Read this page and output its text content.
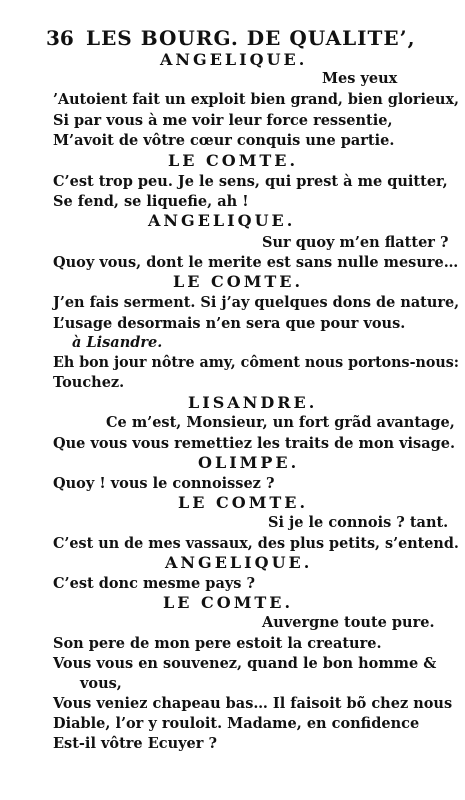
36 LES BOURG. DE QUALITE’,
ANGELIQUE.
Mes yeux
’Autoient fait un exploit bien grand, bien glorieux,
Si par vous à me voir leur force ressentie,
M’avoit de vôtre cœur conquis une partie.
LE COMTE.
C’est trop peu. Je le sens, qui prest à me quitter,
Se fend, se liquefie, ah !
ANGELIQUE.
Sur quoy m’en flatter ?
Quoy vous, dont le merite est sans nulle mesure…
LE COMTE.
J’en fais serment. Si j’ay quelques dons de nature,
L’usage desormais n’en sera que pour vous.
à Lisandre.
Eh bon jour nôtre amy, côment nous portons-nous:
Touchez.
LISANDRE.
Ce m’est, Monsieur, un fort grãd avantage,
Que vous vous remettiez les traits de mon visage.
OLIMPE.
Quoy ! vous le connoissez ?
LE COMTE.
Si je le connois ? tant.
C’est un de mes vassaux, des plus petits, s’entend.
ANGELIQUE.
C’est donc mesme pays ?
LE COMTE.
Auvergne toute pure.
Son pere de mon pere estoit la creature.
Vous vous en souvenez, quand le bon homme &
vous,
Vous veniez chapeau bas… Il faisoit bõ chez nous
Diable, l’or y rouloit. Madame, en confidence
Est-il vôtre Ecuyer ?
